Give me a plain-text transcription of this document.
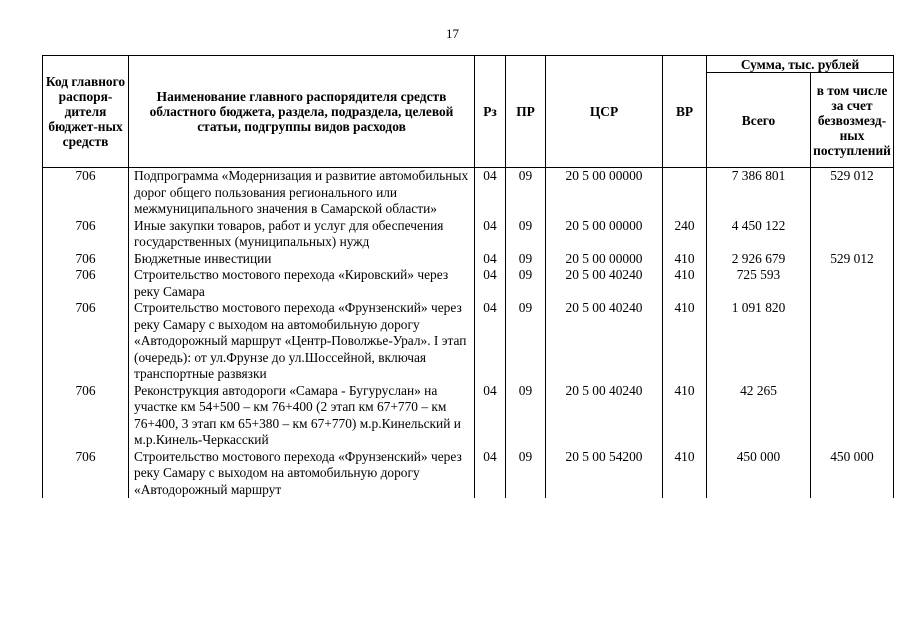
17
Код главного распоря-дителя бюджет-ных средств	Наименование главного распорядителя средств областного бюджета, раздела, подраздела, целевой статьи, подгруппы видов расходов	Рз	ПР	ЦСР	ВР	Сумма, тыс. рублей	
						Всего	в том числе за счет безвозмезд-ных поступлений
706	Подпрограмма «Модернизация и развитие автомобильных дорог общего пользования регионального или межмуниципального значения в Самарской области»	04	09	20 5 00 00000		7 386 801	529 012
706	Иные закупки товаров, работ и услуг для обеспечения государственных (муниципальных) нужд	04	09	20 5 00 00000	240	4 450 122	
706	Бюджетные инвестиции	04	09	20 5 00 00000	410	2 926 679	529 012
706	Строительство мостового перехода «Кировский» через реку Самара	04	09	20 5 00 40240	410	725 593	
706	Строительство мостового перехода «Фрунзенский» через реку Самару с выходом на автомобильную дорогу «Автодорожный маршрут «Центр-Поволжье-Урал». I этап (очередь): от ул.Фрунзе до ул.Шоссейной, включая транспортные развязки	04	09	20 5 00 40240	410	1 091 820	
706	Реконструкция автодороги «Самара - Бугуруслан» на участке км 54+500 – км 76+400 (2 этап км 67+770 – км 76+400, 3 этап км 65+380 – км 67+770) м.р.Кинельский и м.р.Кинель-Черкасский	04	09	20 5 00 40240	410	42 265	
706	Строительство мостового перехода «Фрунзенский» через реку Самару с выходом на автомобильную дорогу «Автодорожный маршрут	04	09	20 5 00 54200	410	450 000	450 000
